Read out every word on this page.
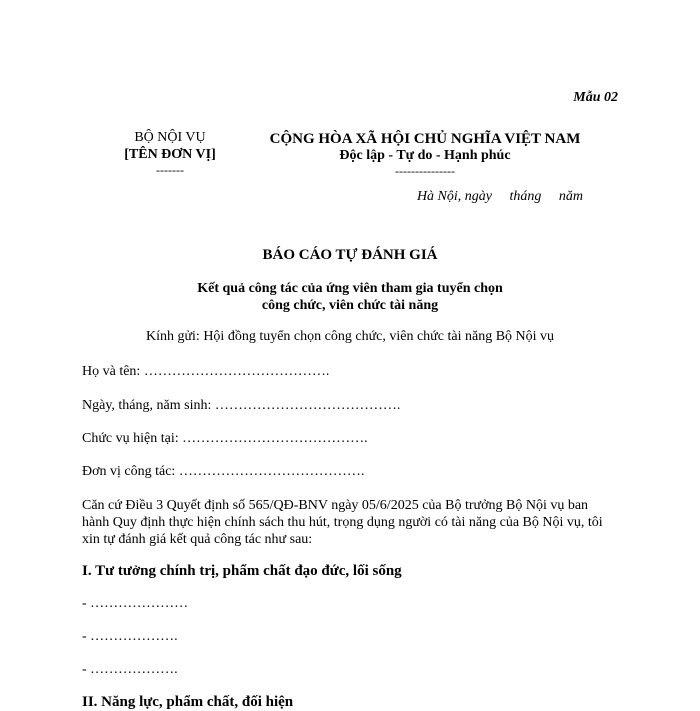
Mẫu 02
BỘ NỘI VỤ
[TÊN ĐƠN VỊ]
-------
CỘNG HÒA XÃ HỘI CHỦ NGHĨA VIỆT NAM
Độc lập - Tự do - Hạnh phúc
---------------
Hà Nội, ngày     tháng     năm
BÁO CÁO TỰ ĐÁNH GIÁ
Kết quả công tác của ứng viên tham gia tuyển chọn
công chức, viên chức tài năng
Kính gửi: Hội đồng tuyển chọn công chức, viên chức tài năng Bộ Nội vụ
Họ và tên: ………………………………….
Ngày, tháng, năm sinh: ………………………………….
Chức vụ hiện tại: ………………………………….
Đơn vị công tác: ………………………………….
Căn cứ Điều 3 Quyết định số 565/QĐ-BNV ngày 05/6/2025 của Bộ trưởng Bộ Nội vụ ban hành Quy định thực hiện chính sách thu hút, trọng dụng người có tài năng của Bộ Nội vụ, tôi xin tự đánh giá kết quả công tác như sau:
I. Tư tưởng chính trị, phẩm chất đạo đức, lối sống
- …………………
- ……………….
- ……………….
II. Năng lực, phẩm chất, đối hiện
